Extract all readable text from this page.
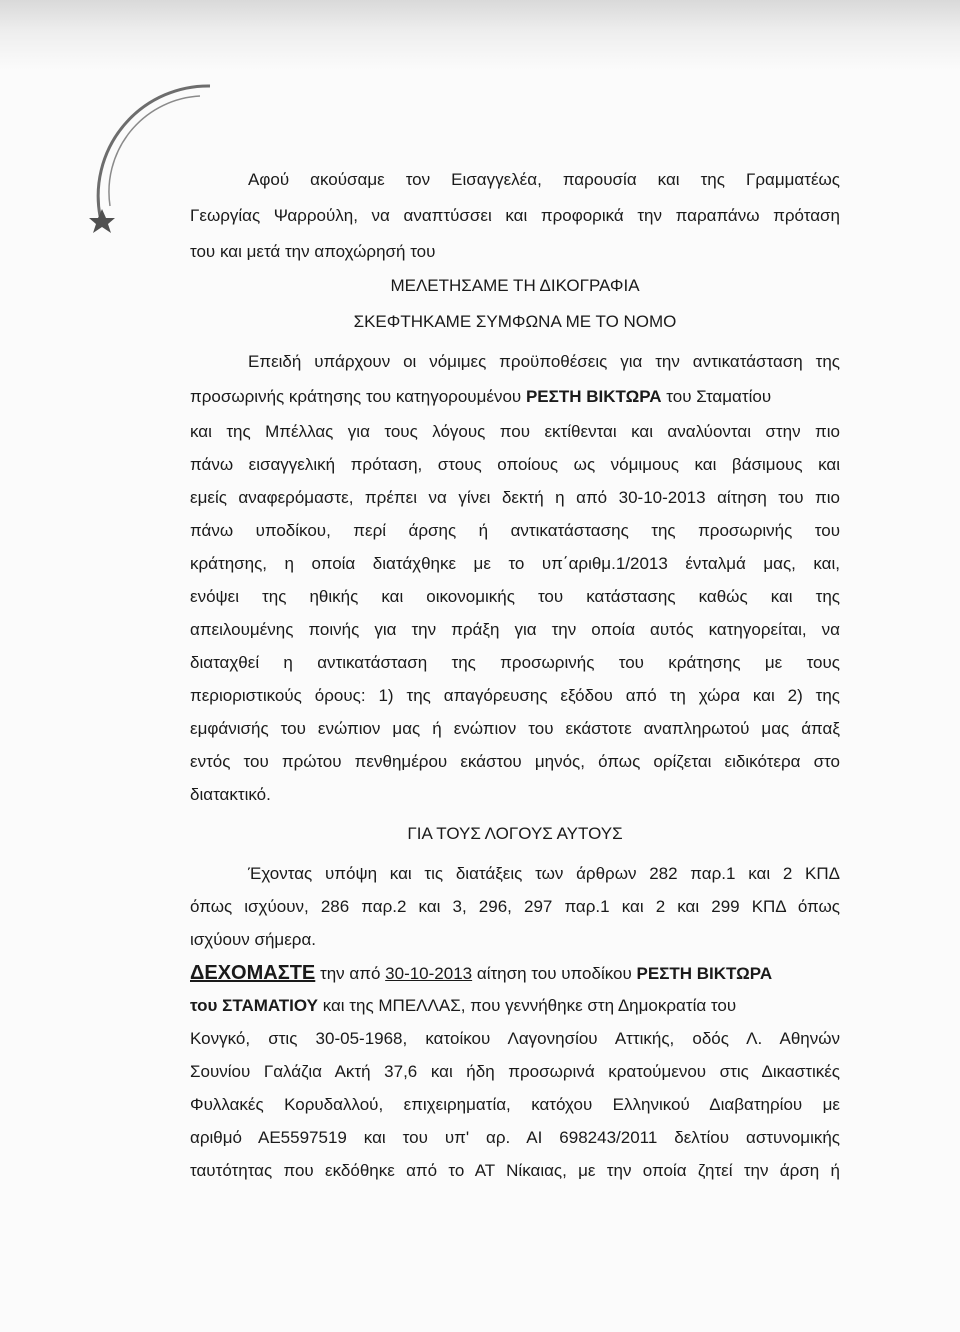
Αφού ακούσαμε τον Εισαγγελέα, παρουσία και της Γραμματέως
Γεωργίας Ψαρρούλη, να αναπτύσσει και προφορικά την παραπάνω πρόταση
του και μετά την αποχώρησή του
ΜΕΛΕΤΗΣΑΜΕ ΤΗ ΔΙΚΟΓΡΑΦΙΑ
ΣΚΕΦΤΗΚΑΜΕ ΣΥΜΦΩΝΑ ΜΕ ΤΟ ΝΟΜΟ
Επειδή υπάρχουν οι νόμιμες προϋποθέσεις για την αντικατάσταση της
προσωρινής κράτησης του κατηγορουμένου ΡΕΣΤΗ ΒΙΚΤΩΡΑ του Σταματίου
και της Μπέλλας για τους λόγους που εκτίθενται και αναλύονται στην πιο
πάνω εισαγγελική πρόταση, στους οποίους ως νόμιμους και βάσιμους και
εμείς αναφερόμαστε, πρέπει να γίνει δεκτή η από 30-10-2013 αίτηση του πιο
πάνω υποδίκου, περί άρσης ή αντικατάστασης της προσωρινής του
κράτησης, η οποία διατάχθηκε με το υπ΄αριθμ.1/2013 ένταλμά μας, και,
ενόψει της ηθικής και οικονομικής του κατάστασης καθώς και της
απειλουμένης ποινής για την πράξη για την οποία αυτός κατηγορείται, να
διαταχθεί η αντικατάσταση της προσωρινής του κράτησης με τους
περιοριστικούς όρους: 1) της απαγόρευσης εξόδου από τη χώρα και 2) της
εμφάνισής του ενώπιον μας ή ενώπιον του εκάστοτε αναπληρωτού μας άπαξ
εντός του πρώτου πενθημέρου εκάστου μηνός, όπως ορίζεται ειδικότερα στο
διατακτικό.
ΓΙΑ ΤΟΥΣ ΛΟΓΟΥΣ ΑΥΤΟΥΣ
Έχοντας υπόψη και τις διατάξεις των άρθρων 282 παρ.1 και 2 ΚΠΔ
όπως ισχύουν, 286 παρ.2 και 3, 296, 297 παρ.1 και 2 και 299 ΚΠΔ όπως
ισχύουν σήμερα.
ΔΕΧΟΜΑΣΤΕ την από 30-10-2013 αίτηση του υποδίκου ΡΕΣΤΗ ΒΙΚΤΩΡΑ
του ΣΤΑΜΑΤΙΟΥ και της ΜΠΕΛΛΑΣ, που γεννήθηκε στη Δημοκρατία του
Κονγκό, στις 30-05-1968, κατοίκου Λαγονησίου Αττικής, οδός Λ. Αθηνών
Σουνίου Γαλάζια Ακτή 37,6 και ήδη προσωρινά κρατούμενου στις Δικαστικές
Φυλλακές Κορυδαλλού, επιχειρηματία, κατόχου Ελληνικού Διαβατηρίου με
αριθμό ΑΕ5597519 και του υπ' αρ. ΑΙ 698243/2011 δελτίου αστυνομικής
ταυτότητας που εκδόθηκε από το ΑΤ Νίκαιας, με την οποία ζητεί την άρση ή
